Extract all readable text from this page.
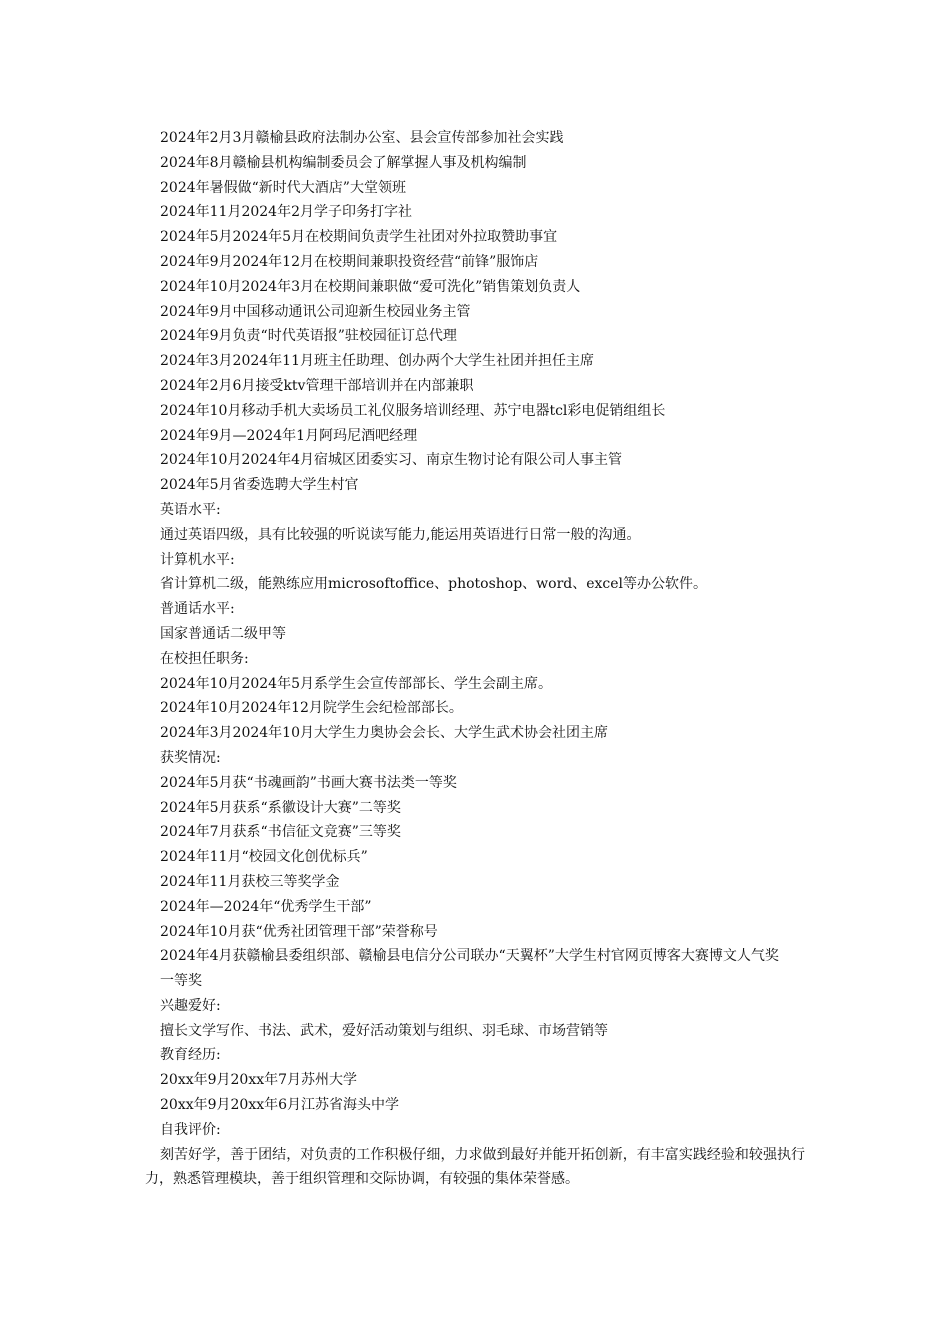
2024年2月3月赣榆县政府法制办公室、县会宣传部参加社会实践
2024年8月赣榆县机构编制委员会了解掌握人事及机构编制
2024年暑假做“新时代大酒店”大堂领班
2024年11月2024年2月学子印务打字社
2024年5月2024年5月在校期间负责学生社团对外拉取赞助事宜
2024年9月2024年12月在校期间兼职投资经营“前锋”服饰店
2024年10月2024年3月在校期间兼职做“爱可洗化”销售策划负责人
2024年9月中国移动通讯公司迎新生校园业务主管
2024年9月负责“时代英语报”驻校园征订总代理
2024年3月2024年11月班主任助理、创办两个大学生社团并担任主席
2024年2月6月接受ktv管理干部培训并在内部兼职
2024年10月移动手机大卖场员工礼仪服务培训经理、苏宁电器tcl彩电促销组组长
2024年9月—2024年1月阿玛尼酒吧经理
2024年10月2024年4月宿城区团委实习、南京生物讨论有限公司人事主管
2024年5月省委选聘大学生村官
英语水平:
通过英语四级，具有比较强的听说读写能力,能运用英语进行日常一般的沟通。
计算机水平:
省计算机二级，能熟练应用microsoftoffice、photoshop、word、excel等办公软件。
普通话水平:
国家普通话二级甲等
在校担任职务:
2024年10月2024年5月系学生会宣传部部长、学生会副主席。
2024年10月2024年12月院学生会纪检部部长。
2024年3月2024年10月大学生力奥协会会长、大学生武术协会社团主席
获奖情况:
2024年5月获“书魂画韵”书画大赛书法类一等奖
2024年5月获系“系徽设计大赛”二等奖
2024年7月获系“书信征文竞赛”三等奖
2024年11月“校园文化创优标兵”
2024年11月获校三等奖学金
2024年—2024年“优秀学生干部”
2024年10月获“优秀社团管理干部”荣誉称号
2024年4月获赣榆县委组织部、赣榆县电信分公司联办“天翼杯”大学生村官网页博客大赛博文人气奖
一等奖
兴趣爱好:
擅长文学写作、书法、武术，爱好活动策划与组织、羽毛球、市场营销等
教育经历:
20xx年9月20xx年7月苏州大学
20xx年9月20xx年6月江苏省海头中学
自我评价:
刻苦好学，善于团结，对负责的工作积极仔细，力求做到最好并能开拓创新，有丰富实践经验和较强执行力，熟悉管理模块，善于组织管理和交际协调，有较强的集体荣誉感。
